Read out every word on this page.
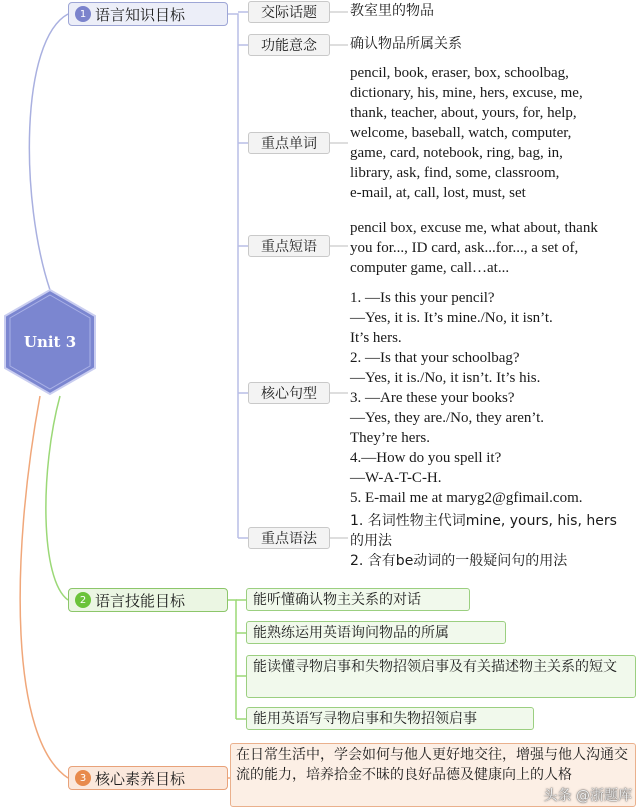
Unit 3
1 语言知识目标	交际话题	教室里的物品
功能意念	确认物品所属关系
重点单词
pencil, book, eraser, box, schoolbag,
dictionary, his, mine, hers, excuse, me,
thank, teacher, about, yours, for, help,
welcome, baseball, watch, computer,
game, card, notebook, ring, bag, in,
library, ask, find, some, classroom,
e-mail, at, call, lost, must, set
重点短语
pencil box, excuse me, what about, thank
you for..., ID card, ask...for..., a set of,
computer game, call…at...
核心句型
1. —Is this your pencil?
—Yes, it is. It’s mine./No, it isn’t.
It’s hers.
2. —Is that your schoolbag?
—Yes, it is./No, it isn’t. It’s his.
3. —Are these your books?
—Yes, they are./No, they aren’t.
They’re hers.
4.—How do you spell it?
—W-A-T-C-H.
5. E-mail me at maryg2@gfimail.com.
重点语法
1. 名词性物主代词mine, yours, his, hers
的用法
2. 含有be动词的一般疑问句的用法
2 语言技能目标	能听懂确认物主关系的对话
能熟练运用英语询问物品的所属
能读懂寻物启事和失物招领启事及有关描述物主关系的短文
能用英语写寻物启事和失物招领启事
3 核心素养目标
在日常生活中，学会如何与他人更好地交往，增强与他人沟通交流的能力，培养拾金不昧的良好品德及健康向上的人格
头条 @浙题库
